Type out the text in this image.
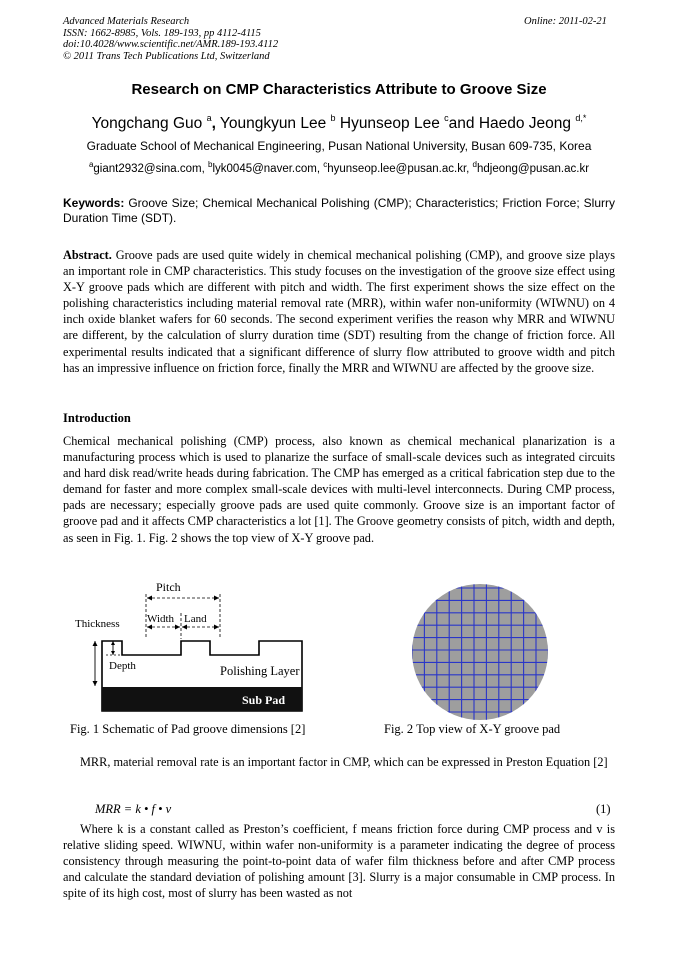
Advanced Materials Research
ISSN: 1662-8985, Vols. 189-193, pp 4112-4115
doi:10.4028/www.scientific.net/AMR.189-193.4112
© 2011 Trans Tech Publications Ltd, Switzerland
Online: 2011-02-21
Research on CMP Characteristics Attribute to Groove Size
Yongchang Guo $^a$, Youngkyun Lee $^b$ Hyunseop Lee $^c$and Haedo Jeong $^{d,*}$
Graduate School of Mechanical Engineering, Pusan National University, Busan 609-735, Korea
$^a$giant2932@sina.com, $^b$lyk0045@naver.com, $^c$hyunseop.lee@pusan.ac.kr, $^d$hdjeong@pusan.ac.kr
Keywords: Groove Size; Chemical Mechanical Polishing (CMP); Characteristics; Friction Force; Slurry Duration Time (SDT).
Abstract. Groove pads are used quite widely in chemical mechanical polishing (CMP), and groove size plays an important role in CMP characteristics. This study focuses on the investigation of the groove size effect using X-Y groove pads which are different with pitch and width. The first experiment shows the size effect on the polishing characteristics including material removal rate (MRR), within wafer non-uniformity (WIWNU) on 4 inch oxide blanket wafers for 60 seconds. The second experiment verifies the reason why MRR and WIWNU are different, by the calculation of slurry duration time (SDT) resulting from the change of friction force. All experimental results indicated that a significant difference of slurry flow attributed to groove width and pitch has an impressive influence on friction force, finally the MRR and WIWNU are affected by the groove size.
Introduction
Chemical mechanical polishing (CMP) process, also known as chemical mechanical planarization is a manufacturing process which is used to planarize the surface of small-scale devices such as integrated circuits and hard disk read/write heads during fabrication. The CMP has emerged as a critical fabrication step due to the demand for faster and more complex small-scale devices with multi-level interconnects. During CMP process, pads are necessary; especially groove pads are used quite commonly. Groove size is an important factor of groove pad and it affects CMP characteristics a lot [1]. The Groove geometry consists of pitch, width and depth, as seen in Fig. 1. Fig. 2 shows the top view of X-Y groove pad.
Pitch
Width Land
Thickness
Depth	Polishing Layer
Sub Pad
Fig. 1 Schematic of Pad groove dimensions [2]	Fig. 2 Top view of X-Y groove pad
MRR, material removal rate is an important factor in CMP, which can be expressed in Preston Equation [2]
MRR = k • f • v	(1)
Where k is a constant called as Preston’s coefficient, f means friction force during CMP process and v is relative sliding speed. WIWNU, within wafer non-uniformity is a parameter indicating the degree of process consistency through measuring the point-to-point data of wafer film thickness before and after CMP process and calculate the standard deviation of polishing amount [3]. Slurry is a major consumable in CMP process. In spite of its high cost, most of slurry has been wasted as not
